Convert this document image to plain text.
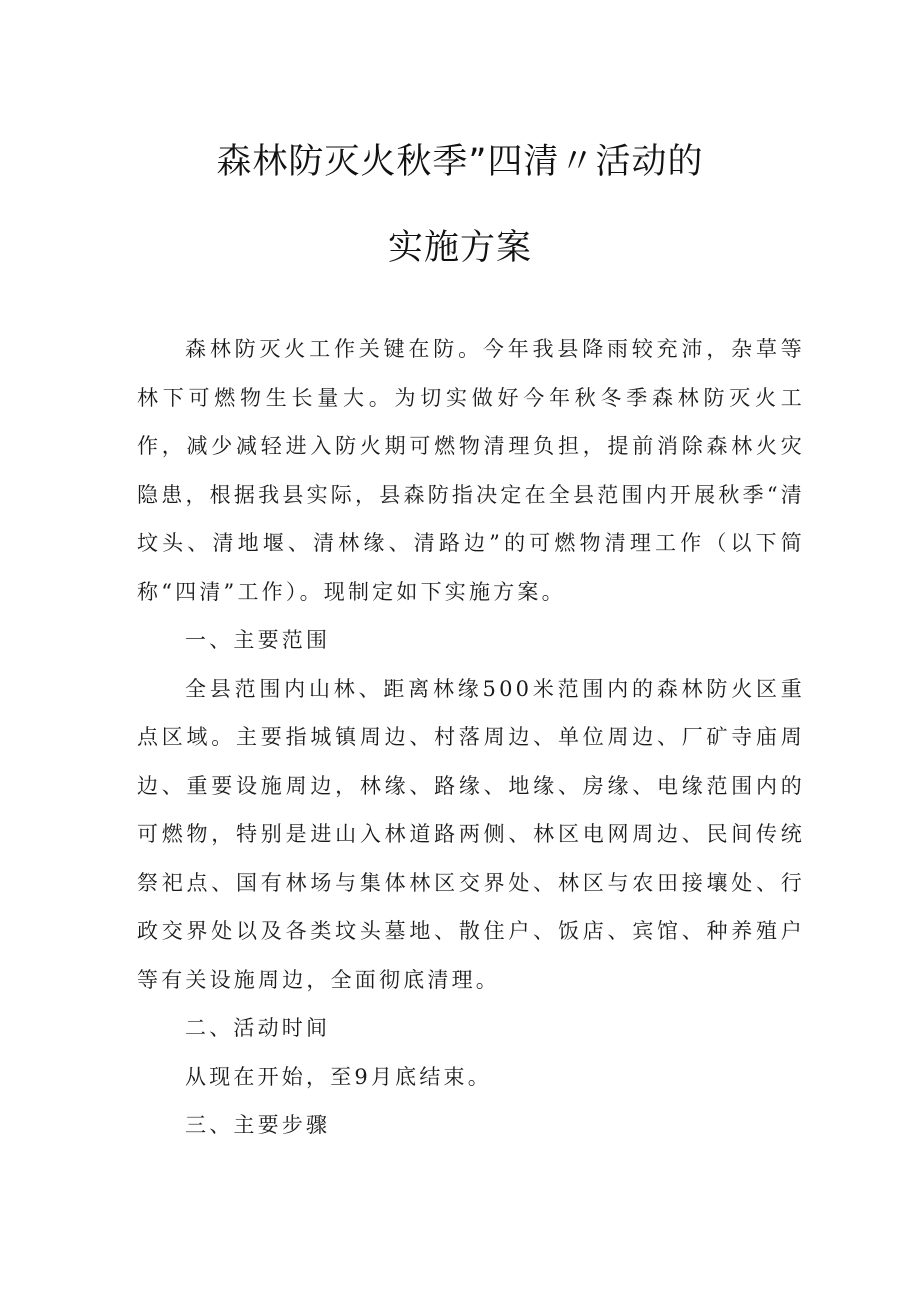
森林防灭火秋季”四清〃活动的
实施方案

森林防灭火工作关键在防。今年我县降雨较充沛，杂草等林下可燃物生长量大。为切实做好今年秋冬季森林防灭火工作，减少减轻进入防火期可燃物清理负担，提前消除森林火灾隐患，根据我县实际，县森防指决定在全县范围内开展秋季“清坟头、清地堰、清林缘、清路边”的可燃物清理工作（以下简称“四清”工作）。现制定如下实施方案。

一、主要范围

全县范围内山林、距离林缘500米范围内的森林防火区重点区域。主要指城镇周边、村落周边、单位周边、厂矿寺庙周边、重要设施周边，林缘、路缘、地缘、房缘、电缘范围内的可燃物，特别是进山入林道路两侧、林区电网周边、民间传统祭祀点、国有林场与集体林区交界处、林区与农田接壤处、行政交界处以及各类坟头墓地、散住户、饭店、宾馆、种养殖户等有关设施周边，全面彻底清理。

二、活动时间

从现在开始，至9月底结束。

三、主要步骤
